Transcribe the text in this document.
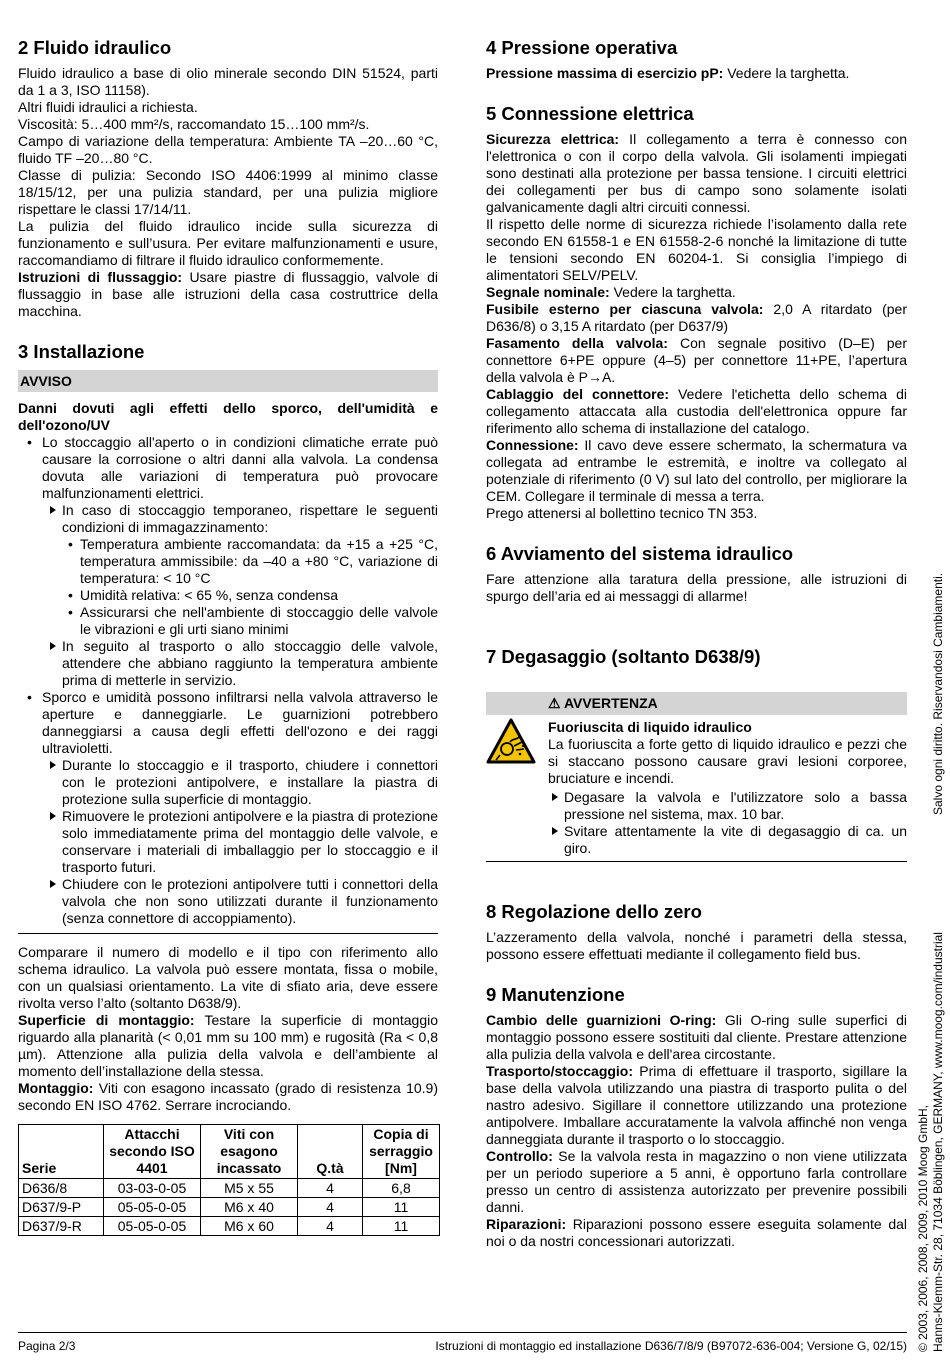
2 Fluido idraulico

Fluido idraulico a base di olio minerale secondo DIN 51524, parti da 1 a 3, ISO 11158).

Altri fluidi idraulici a richiesta.

Viscosità: 5…400 mm²/s, raccomandato 15…100 mm²/s.

Campo di variazione della temperatura: Ambiente TA –20…60 °C, fluido TF –20…80 °C.

Classe di pulizia: Secondo ISO 4406:1999 al minimo classe 18/15/12, per una pulizia standard, per una pulizia migliore rispettare le classi 17/14/11.

La pulizia del fluido idraulico incide sulla sicurezza di funzionamento e sull’usura. Per evitare malfunzionamenti e usure, raccomandiamo di filtrare il fluido idraulico conformemente.

Istruzioni di flussaggio: Usare piastre di flussaggio, valvole di flussaggio in base alle istruzioni della casa costruttrice della macchina.

3 Installazione
AVVISO

Danni dovuti agli effetti dello sporco, dell'umidità e dell'ozono/UV

• Lo stoccaggio all'aperto o in condizioni climatiche errate può causare la corrosione o altri danni alla valvola. La condensa dovuta alle variazioni di temperatura può provocare malfunzionamenti elettrici.
In caso di stoccaggio temporaneo, rispettare le seguenti condizioni di immagazzinamento:
• Temperatura ambiente raccomandata: da +15 a +25 °C, temperatura ammissibile: da –40 a +80 °C, variazione di temperatura: < 10 °C
• Umidità relativa: < 65 %, senza condensa
• Assicurarsi che nell'ambiente di stoccaggio delle valvole le vibrazioni e gli urti siano minimi
In seguito al trasporto o allo stoccaggio delle valvole, attendere che abbiano raggiunto la temperatura ambiente prima di metterle in servizio.
• Sporco e umidità possono infiltrarsi nella valvola attraverso le aperture e danneggiarle. Le guarnizioni potrebbero danneggiarsi a causa degli effetti dell'ozono e dei raggi ultravioletti.
Durante lo stoccaggio e il trasporto, chiudere i connettori con le protezioni antipolvere, e installare la piastra di protezione sulla superficie di montaggio.
Rimuovere le protezioni antipolvere e la piastra di protezione solo immediatamente prima del montaggio delle valvole, e conservare i materiali di imballaggio per lo stoccaggio e il trasporto futuri.
Chiudere con le protezioni antipolvere tutti i connettori della valvola che non sono utilizzati durante il funzionamento (senza connettore di accoppiamento).

Comparare il numero di modello e il tipo con riferimento allo schema idraulico. La valvola può essere montata, fissa o mobile, con un qualsiasi orientamento. La vite di sfiato aria, deve essere rivolta verso l’alto (soltanto D638/9).

Superficie di montaggio: Testare la superficie di montaggio riguardo alla planarità (< 0,01 mm su 100 mm) e rugosità (Ra < 0,8 µm). Attenzione alla pulizia della valvola e dell’ambiente al momento dell’installazione della stessa.

Montaggio: Viti con esagono incassato (grado di resistenza 10.9) secondo EN ISO 4762. Serrare incrociando.

Serie	Attacchi secondo ISO 4401	Viti con esagono incassato	Q.tà	Copia di serraggio [Nm]
D636/8	03-03-0-05	M5 x 55	4	6,8
D637/9-P	05-05-0-05	M6 x 40	4	11
D637/9-R	05-05-0-05	M6 x 60	4	11
4 Pressione operativa

Pressione massima di esercizio pP: Vedere la targhetta.

5 Connessione elettrica

Sicurezza elettrica: Il collegamento a terra è connesso con l'elettronica o con il corpo della valvola. Gli isolamenti impiegati sono destinati alla protezione per bassa tensione. I circuiti elettrici dei collegamenti per bus di campo sono solamente isolati galvanicamente dagli altri circuiti connessi.

Il rispetto delle norme di sicurezza richiede l’isolamento dalla rete secondo EN 61558-1 e EN 61558-2-6 nonché la limitazione di tutte le tensioni secondo EN 60204-1. Si consiglia l’impiego di alimentatori SELV/PELV.

Segnale nominale: Vedere la targhetta.

Fusibile esterno per ciascuna valvola: 2,0 A ritardato (per D636/8) o 3,15 A ritardato (per D637/9)

Fasamento della valvola: Con segnale positivo (D–E) per connettore 6+PE oppure (4–5) per connettore 11+PE, l’apertura della valvola è P→A.

Cablaggio del connettore: Vedere l'etichetta dello schema di collegamento attaccata alla custodia dell'elettronica oppure far riferimento allo schema di installazione del catalogo.

Connessione: Il cavo deve essere schermato, la schermatura va collegata ad entrambe le estremità, e inoltre va collegato al potenziale di riferimento (0 V) sul lato del controllo, per migliorare la CEM. Collegare il terminale di messa a terra.

Prego attenersi al bollettino tecnico TN 353.

6 Avviamento del sistema idraulico

Fare attenzione alla taratura della pressione, alle istruzioni di spurgo dell’aria ed ai messaggi di allarme!

7 Degasaggio (soltanto D638/9)
⚠ AVVERTENZA

Fuoriuscita di liquido idraulico

La fuoriuscita a forte getto di liquido idraulico e pezzi che si staccano possono causare gravi lesioni corporee, bruciature e incendi.

Degasare la valvola e l'utilizzatore solo a bassa pressione nel sistema, max. 10 bar.
Svitare attentamente la vite di degasaggio di ca. un giro.
8 Regolazione dello zero

L’azzeramento della valvola, nonché i parametri della stessa, possono essere effettuati mediante il collegamento field bus.

9 Manutenzione

Cambio delle guarnizioni O-ring: Gli O-ring sulle superfici di montaggio possono essere sostituiti dal cliente. Prestare attenzione alla pulizia della valvola e dell'area circostante.

Trasporto/stoccaggio: Prima di effettuare il trasporto, sigillare la base della valvola utilizzando una piastra di trasporto pulita o del nastro adesivo. Sigillare il connettore utilizzando una protezione antipolvere. Imballare accuratamente la valvola affinché non venga danneggiata durante il trasporto o lo stoccaggio.

Controllo: Se la valvola resta in magazzino o non viene utilizzata per un periodo superiore a 5 anni, è opportuno farla controllare presso un centro di assistenza autorizzato per prevenire possibili danni.

Riparazioni: Riparazioni possono essere eseguita solamente dal noi o da nostri concessionari autorizzati.	© 2003, 2006, 2008, 2009, 2010 Moog GmbH, Hanns-Klemm-Str. 28, 71034 Böblingen, GERMANY, www.moog.com/industrial
Salvo ogni diritto. Riservandosi Cambiamenti.
Pagina 2/3	Istruzioni di montaggio ed installazione D636/7/8/9 (B97072-636-004; Versione G, 02/15)
